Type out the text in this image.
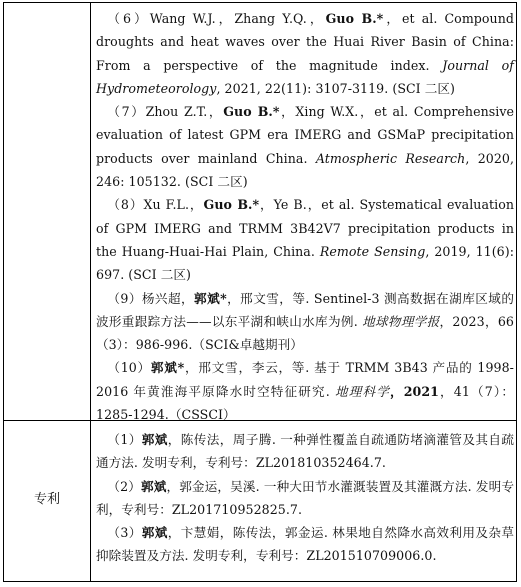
（6）Wang W.J.，Zhang Y.Q.，Guo B.*，et al. Compound droughts and heat waves over the Huai River Basin of China: From a perspective of the magnitude index. Journal of Hydrometeorology, 2021, 22(11): 3107-3119. (SCI 二区)

（7）Zhou Z.T.，Guo B.*，Xing W.X.，et al. Comprehensive evaluation of latest GPM era IMERG and GSMaP precipitation products over mainland China. Atmospheric Research, 2020, 246: 105132. (SCI 二区)

（8）Xu F.L.，Guo B.*，Ye B.，et al. Systematical evaluation of GPM IMERG and TRMM 3B42V7 precipitation products in the Huang-Huai-Hai Plain, China. Remote Sensing, 2019, 11(6): 697. (SCI 二区)

（9）杨兴超，郭斌*，邢文雪，等. Sentinel-3 测高数据在湖库区域的波形重跟踪方法——以东平湖和峡山水库为例. 地球物理学报，2023，66（3）：986-996.（SCI&卓越期刊）

（10）郭斌*，邢文雪，李云，等. 基于 TRMM 3B43 产品的 1998-2016 年黄淮海平原降水时空特征研究. 地理科学，2021，41（7）：1285-1294.（CSSCI）

专利

（1）郭斌，陈传法，周子腾. 一种弹性覆盖自疏通防堵滴灌管及其自疏通方法. 发明专利，专利号：ZL201810352464.7.

（2）郭斌，郭金运，吴溪. 一种大田节水灌溉装置及其灌溉方法. 发明专利，专利号：ZL201710952825.7.

（3）郭斌，卞慧娟，陈传法，郭金运. 林果地自然降水高效利用及杂草抑除装置及方法. 发明专利，专利号：ZL201510709006.0.
